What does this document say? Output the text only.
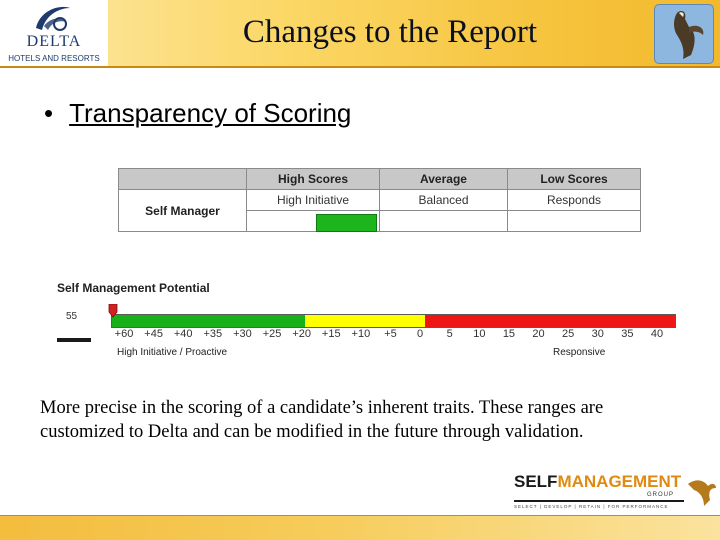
DELTA
HOTELS AND RESORTS
Changes to the Report
• Transparency of Scoring
	High Scores	Average	Low Scores
Self Manager	High Initiative	Balanced	Responds

Self Management Potential
55
+60 +45 +40 +35 +30 +25 +20 +15 +10 +5 0 5 10 15 20 25 30 35 40
High Initiative / Proactive	Responsive
More precise in the scoring of a candidate’s inherent traits. These ranges are customized to Delta and can be modified in the future through validation.
SELFMANAGEMENT
GROUP
SELECT | DEVELOP | RETAIN | FOR PERFORMANCE
